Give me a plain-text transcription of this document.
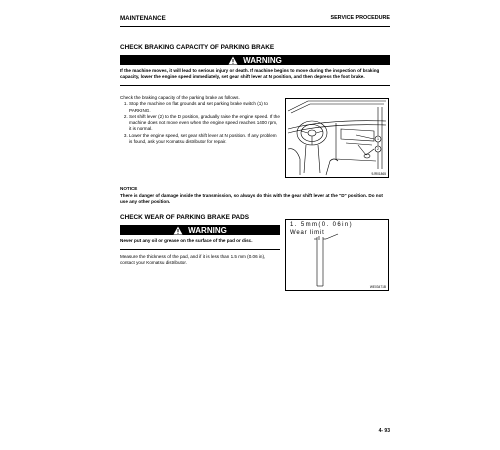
MAINTENANCE	SERVICE PROCEDURE
CHECK BRAKING CAPACITY OF PARKING BRAKE
WARNING
If the machine moves, it will lead to serious injury or death. If machine begins to move during the inspection of braking capacity, lower the engine speed immediately, set gear shift lever at N position, and then depress the foot brake.
Check the braking capacity of the parking brake as follows.
1. Stop the machine on flat grounds and set parking brake switch (1) to PARKING.
2. Set shift lever (2) to the D position, gradually raise the engine speed. If the machine does not move even when the engine speed reaches 1400 rpm, it is normal.
3. Lower the engine speed, set gear shift lever at N position. If any problem is found, ask your Komatsu distributor for repair.	1
2
9JR01865
NOTICE
There is danger of damage inside the transmission, so always do this with the gear shift lever at the "D" position. Do not use any other position.
CHECK WEAR OF PARKING BRAKE PADS
WARNING
Never put any oil or grease on the surface of the pad or disc.
Measure the thickness of the pad, and if it is less than 1.5 mm (0.06 in), contact your Komatsu distributor.
1. 5mm(0. 06in)
Wear limit
WE03471B
4- 93
